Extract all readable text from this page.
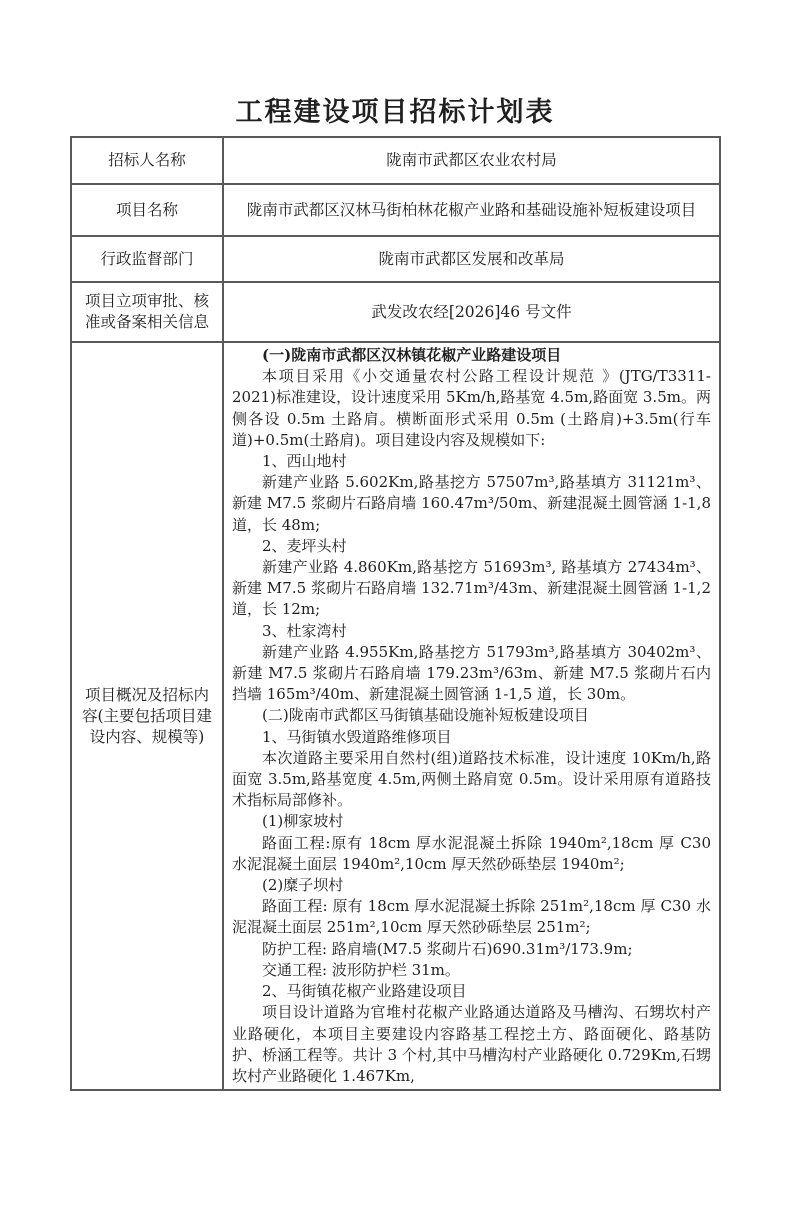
工程建设项目招标计划表
招标人名称	陇南市武都区农业农村局
项目名称	陇南市武都区汉林马街柏林花椒产业路和基础设施补短板建设项目
行政监督部门	陇南市武都区发展和改革局
项目立项审批、核准或备案相关信息	武发改农经[2026]46 号文件
项目概况及招标内容(主要包括项目建设内容、规模等)	

(一)陇南市武都区汉林镇花椒产业路建设项目

本项目采用《小交通量农村公路工程设计规范 》(JTG/T3311-2021)标准建设，设计速度采用 5Km/h,路基宽 4.5m,路面宽 3.5m。两侧各设 0.5m 土路肩。横断面形式采用 0.5m (土路肩)+3.5m(行车道)+0.5m(土路肩)。项目建设内容及规模如下:

1、西山地村

新建产业路 5.602Km,路基挖方 57507m³,路基填方 31121m³、新建 M7.5 浆砌片石路肩墙 160.47m³/50m、新建混凝土圆管涵 1-1,8 道，长 48m;

2、麦坪头村

新建产业路 4.860Km,路基挖方 51693m³, 路基填方 27434m³、新建 M7.5 浆砌片石路肩墙 132.71m³/43m、新建混凝土圆管涵 1-1,2 道，长 12m;

3、杜家湾村

新建产业路 4.955Km,路基挖方 51793m³,路基填方 30402m³、新建 M7.5 浆砌片石路肩墙 179.23m³/63m、新建 M7.5 浆砌片石内挡墙 165m³/40m、新建混凝土圆管涵 1-1,5 道，长 30m。

(二)陇南市武都区马街镇基础设施补短板建设项目

1、马街镇水毁道路维修项目

本次道路主要采用自然村(组)道路技术标准，设计速度 10Km/h,路面宽 3.5m,路基宽度 4.5m,两侧土路肩宽 0.5m。设计采用原有道路技术指标局部修补。

(1)柳家坡村

路面工程:原有 18cm 厚水泥混凝土拆除 1940m²,18cm 厚 C30 水泥混凝土面层 1940m²,10cm 厚天然砂砾垫层 1940m²;

(2)糜子坝村

路面工程: 原有 18cm 厚水泥混凝土拆除 251m²,18cm 厚 C30 水泥混凝土面层 251m²,10cm 厚天然砂砾垫层 251m²;

防护工程: 路肩墙(M7.5 浆砌片石)690.31m³/173.9m;

交通工程: 波形防护栏 31m。

2、马街镇花椒产业路建设项目

项目设计道路为官堆村花椒产业路通达道路及马槽沟、石甥坎村产业路硬化，本项目主要建设内容路基工程挖土方、路面硬化、路基防护、桥涵工程等。共计 3 个村,其中马槽沟村产业路硬化 0.729Km,石甥坎村产业路硬化 1.467Km,
